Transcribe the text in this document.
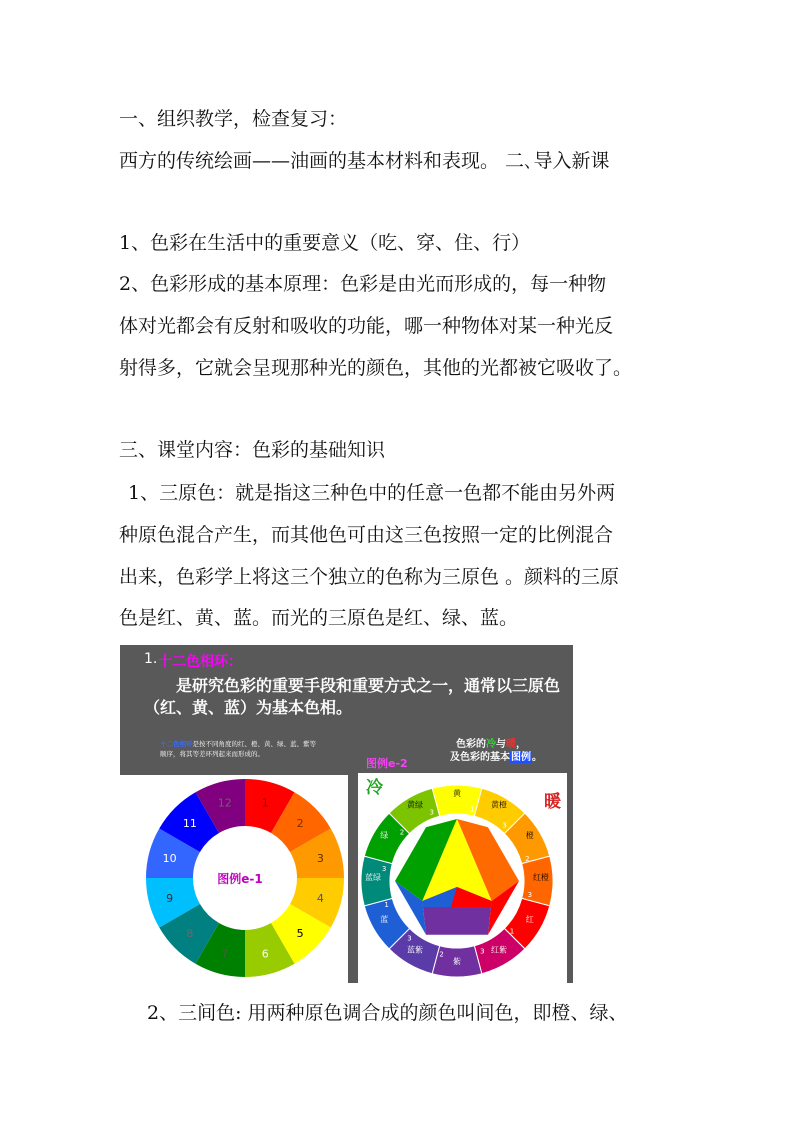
一、组织教学，检查复习：
西方的传统绘画——油画的基本材料和表现。 二､导入新课
1、色彩在生活中的重要意义（吃、穿、住、行）
2、色彩形成的基本原理：色彩是由光而形成的，每一种物
体对光都会有反射和吸收的功能，哪一种物体对某一种光反
射得多，它就会呈现那种光的颜色，其他的光都被它吸收了。
三、课堂内容：色彩的基础知识
1、三原色：就是指这三种色中的任意一色都不能由另外两
种原色混合产生，而其他色可由这三色按照一定的比例混合
出来，色彩学上将这三个独立的色称为三原色 。颜料的三原
色是红、黄、蓝。而光的三原色是红、绿、蓝。
1. 十二色相环：
是研究色彩的重要手段和重要方式之一，通常以三原色（红、黄、蓝）为基本色相。
十二色相环是按不同角度的红、橙、黄、绿、蓝、紫等顺序，将其等差环列起来而形成的。
色彩的冷与暖，
及色彩的基本图例。
图例e-2
1
2
3
4
5
6
7
8
9
10
11
12
图例e-1
黄
黄橙
橙
红橙
红
红紫
紫
蓝紫
蓝
蓝绿
绿
黄绿
1
3
2
3
1
3
2
3
1
3
2
3
冷
暖
2、三间色: 用两种原色调合成的颜色叫间色，即橙、绿、
